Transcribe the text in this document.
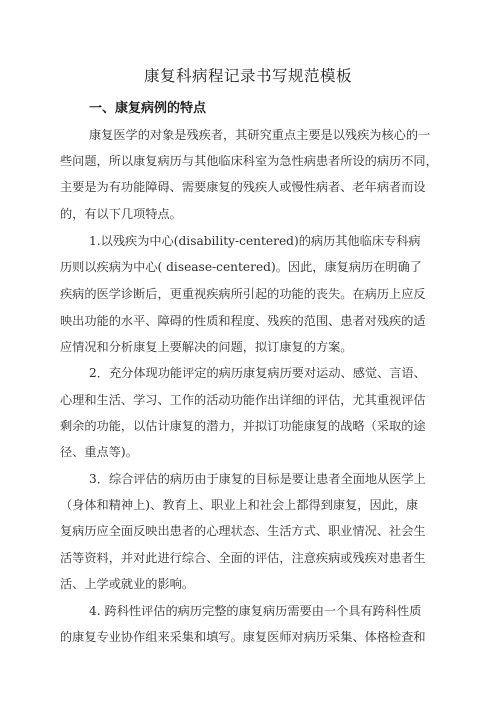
康复科病程记录书写规范模板
一、康复病例的特点
康复医学的对象是残疾者，其研究重点主要是以残疾为核心的一
些问题，所以康复病历与其他临床科室为急性病患者所设的病历不同，
主要是为有功能障碍、需要康复的残疾人或慢性病者、老年病者而设
的，有以下几项特点。
1.以残疾为中心(disability-centered)的病历其他临床专科病
历则以疾病为中心( disease-centered)。因此，康复病历在明确了
疾病的医学诊断后，更重视疾病所引起的功能的丧失。在病历上应反
映出功能的水平、障碍的性质和程度、残疾的范围、患者对残疾的适
应情况和分析康复上要解决的问题，拟订康复的方案。
2．充分体现功能评定的病历康复病历要对运动、感觉、言语、
心理和生活、学习、工作的活动功能作出详细的评估，尤其重视评估
剩余的功能，以估计康复的潜力，并拟订功能康复的战略（采取的途
径、重点等)。
3．综合评估的病历由于康复的目标是要让患者全面地从医学上
（身体和精神上)、教育上、职业上和社会上都得到康复，因此，康
复病历应全面反映出患者的心理状态、生活方式、职业情况、社会生
活等资料，并对此进行综合、全面的评估，注意疾病或残疾对患者生
活、上学或就业的影响。
4. 跨科性评估的病历完整的康复病历需要由一个具有跨科性质
的康复专业协作组来采集和填写。康复医师对病历采集、体格检查和
